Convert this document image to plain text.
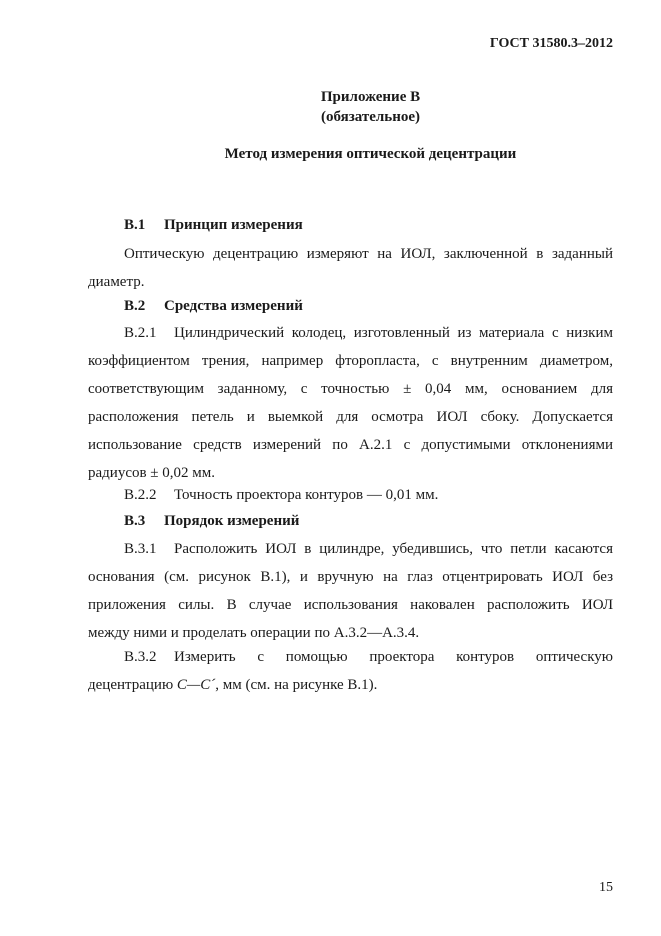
ГОСТ 31580.3–2012
Приложение В
(обязательное)
Метод измерения оптической децентрации
В.1 Принцип измерения
Оптическую децентрацию измеряют на ИОЛ, заключенной в заданный
диаметр.
В.2 Средства измерений
В.2.1 Цилиндрический колодец, изготовленный из материала с низким
коэффициентом трения, например фторопласта, с внутренним диаметром,
соответствующим заданному, с точностью ± 0,04 мм, основанием для
расположения петель и выемкой для осмотра ИОЛ сбоку. Допускается
использование средств измерений по А.2.1 с допустимыми отклонениями
радиусов ± 0,02 мм.
В.2.2 Точность проектора контуров — 0,01 мм.
В.3 Порядок измерений
В.3.1 Расположить ИОЛ в цилиндре, убедившись, что петли касаются
основания (см. рисунок В.1), и вручную на глаз отцентрировать ИОЛ без
приложения силы. В случае использования наковален расположить ИОЛ
между ними и проделать операции по А.3.2—А.3.4.
В.3.2 Измерить с помощью проектора контуров оптическую
децентрацию С—С´, мм (см. на рисунке В.1).
15
